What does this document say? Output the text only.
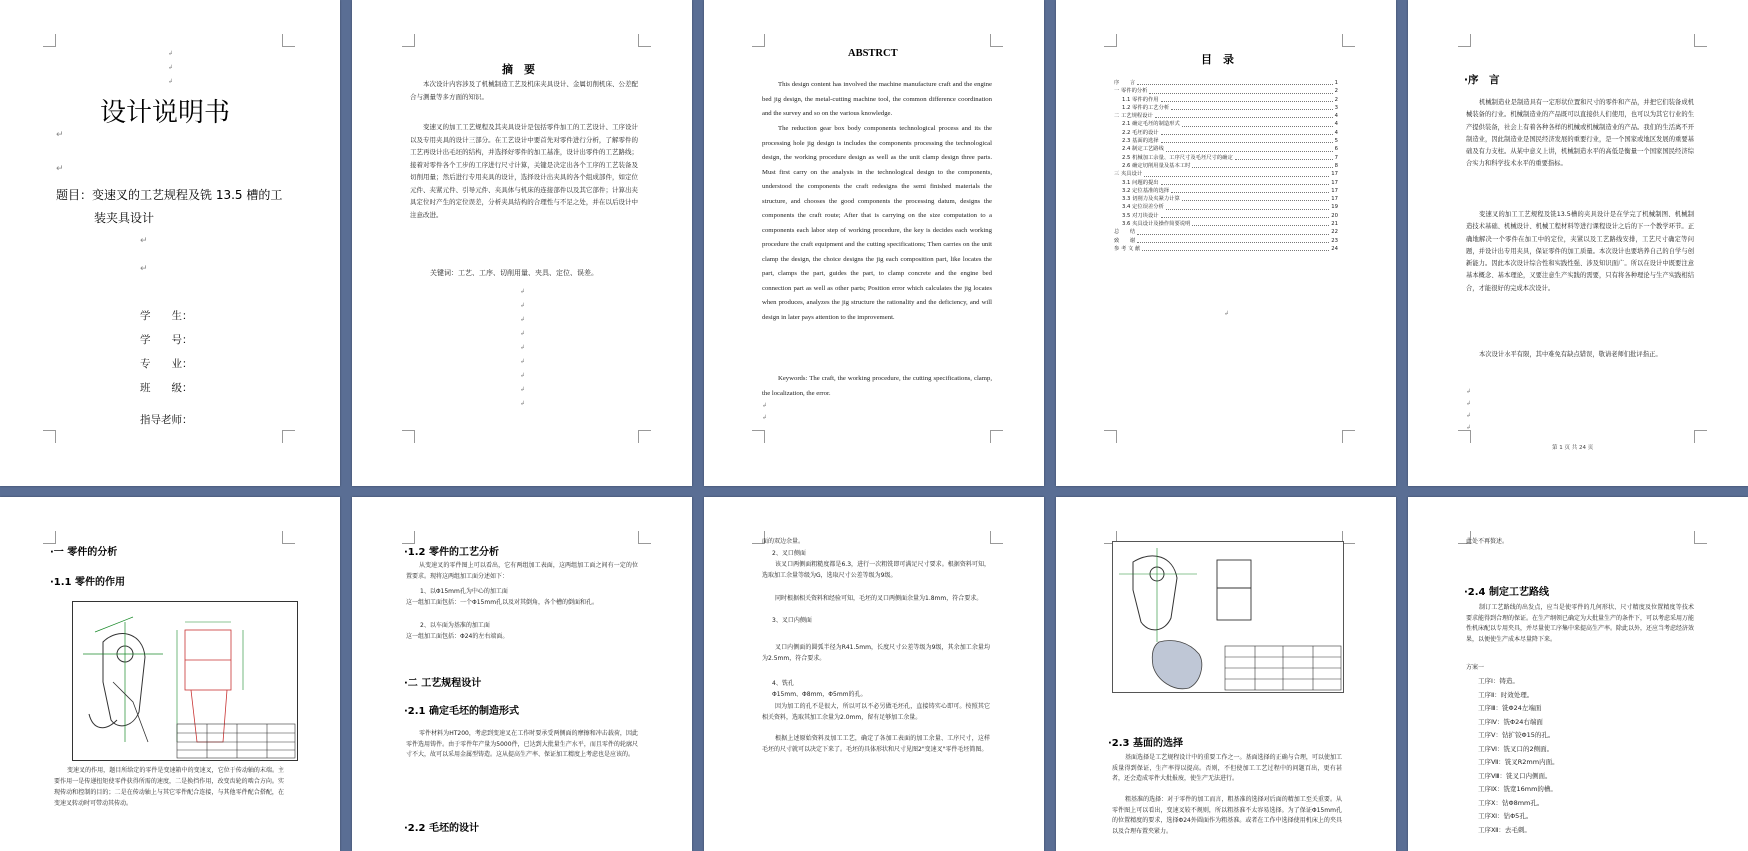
↲
↲
↲
设计说明书
↵
↵
题目：变速叉的工艺规程及铣 13.5 槽的工
装夹具设计
↵
↵
学　　生：
学　　号：
专　　业：
班　　级：
指导老师：
摘　要
本次设计内容涉及了机械制造工艺及机床夹具设计、金属切削机床、公差配合与测量等多方面的知识。
变速叉的加工工艺规程及其夹具设计是包括零件加工的工艺设计、工序设计以及专用夹具的设计三部分。在工艺设计中要首先对零件进行分析，了解零件的工艺再设计出毛坯的结构，并选择好零件的加工基准，设计出零件的工艺路线；接着对零件各个工步的工序进行尺寸计算，关键是决定出各个工序的工艺装备及切削用量；然后进行专用夹具的设计，选择设计出夹具的各个组成部件，如定位元件、夹紧元件、引导元件、夹具体与机床的连接部件以及其它部件；计算出夹具定位时产生的定位误差，分析夹具结构的合理性与不足之处，并在以后设计中注意改进。
关键词：工艺、工序、切削用量、夹具、定位、误差。
↲
↲
↲
↲
↲
↲
↲
↲
↲
ABSTRCT
This design content has involved the machine manufacture craft and the engine bed jig design, the metal-cutting machine tool, the common difference coordination and the survey and so on the various knowledge.
The reduction gear box body components technological process and its the processing hole jig design is includes the components processing the technological design, the working procedure design as well as the unit clamp design three parts. Must first carry on the analysis in the technological design to the components, understood the components the craft redesigns the semi finished materials the structure, and chooses the good components the processing datum, designs the components the craft route; After that is carrying on the size computation to a components each labor step of working procedure, the key is decides each working procedure the craft equipment and the cutting specifications; Then carries on the unit clamp the design, the choice designs the jig each composition part, like locates the part, clamps the part, guides the part, to clamp concrete and the engine bed connection part as well as other parts; Position error which calculates the jig locates when produces, analyzes the jig structure the rationality and the deficiency, and will design in later pays attention to the improvement.
Keywords: The craft, the working procedure, the cutting specifications, clamp, the localization, the error.
↲
↲
目　录
序　　言	1
一 零件的分析	2
1.1 零件的作用	2
1.2 零件的工艺分析	3
二 工艺规程设计	4
2.1 确定毛坯的制造形式	4
2.2 毛坯的设计	4
2.3 基面的选择	5
2.4 制定工艺路线	6
2.5 机械加工余量、工序尺寸及毛坯尺寸的确定	7
2.6 确定切削用量及基本工时	8
三 夹具设计	17
3.1 问题的提出	17
3.2 定位基准的选择	17
3.3 切削力及夹紧力计算	17
3.4 定位误差分析	19
3.5 对刀块设计	20
3.6 夹具设计及操作简要说明	21
总　　结	22
致　　谢	23
参 考 文 献	24
↲
·序　言
机械制造业是制造具有一定形状位置和尺寸的零件和产品，并把它们装备成机械装备的行业。机械制造业的产品既可以直接供人们使用，也可以为其它行业的生产提供装备，社会上有着各种各样的机械或机械制造业的产品。我们的生活离不开制造业，因此制造业是国民经济发展的重要行业，是一个国家或地区发展的重要基础及有力支柱。从某中意义上讲，机械制造水平的高低是衡量一个国家国民经济综合实力和科学技术水平的重要指标。
变速叉的加工工艺规程及铣13.5槽的夹具设计是在学完了机械制图、机械制造技术基础、机械设计、机械工程材料等进行课程设计之后的下一个教学环节。正确地解决一个零件在加工中的定位，夹紧以及工艺路线安排，工艺尺寸确定等问题，并设计出专用夹具，保证零件的加工质量。本次设计也要培养自己的自学与创新能力。因此本次设计综合性和实践性强、涉及知识面广。所以在设计中既要注意基本概念、基本理论，又要注意生产实践的需要，只有将各种理论与生产实践相结合，才能很好的完成本次设计。
本次设计水平有限，其中难免有缺点错误，敬请老师们批评指正。
↲
↲
↲
↲
第 1 页 共 24 页
·一 零件的分析
·1.1 零件的作用
变速叉的作用，题目所给定的零件是变速箱中的变速叉，它位于传动轴的末端。主要作用一是传递扭矩使零件获得所需的速度，二是换挡作用，改变齿轮的啮合方向。实现传动和控制的目的；二是在传动轴上与其它零件配合连接，与其他零件配合搭配，在变速叉转动时可带动其传动。
·1.2 零件的工艺分析
从变速叉的零件图上可以看出，它有两组加工表面，这两组加工面之间有一定的位置要求。现将这两组加工面分述如下：
1、以Φ15mm孔为中心的加工面
这一组加工面包括：一个Φ15mm孔以及对其倒角，各个槽的倒面和孔。
2、以车面为基准的加工面
这一组加工面包括：Φ24的左右端面。
·二 工艺规程设计
·2.1 确定毛坯的制造形式
零件材料为HT200，考虑到变速叉在工作时要承受两侧面的摩擦和冲击载荷，因此零件选用铸件。由于零件年产量为5000件，已达到大批量生产水平，而且零件的轮廓尺寸不大，故可以采用金属型铸造。这从提高生产率、保证加工精度上考虑也是应该的。
·2.2 毛坯的设计
面的双边余量。
2、叉口侧面
该叉口两侧面粗糙度都是6.3，进行一次粗铣即可满足尺寸要求。根据资料可知，选取加工余量等级为G，选取尺寸公差等级为9级。
同时根据相关资料和经验可知，毛坯的叉口两侧面余量为1.8mm，符合要求。
3、叉口内侧面
叉口内侧面的圆弧半径为R41.5mm，长度尺寸公差等级为9级，其余加工余量均为2.5mm，符合要求。
4、铣孔
Φ15mm、Φ8mm，Φ5mm的孔。
因为加工的孔不是很大，所以可以不必另做毛坯孔，直接铸实心即可。按照其它相关资料，选取其加工余量为2.0mm，留有足够加工余量。
根据上述原始资料及加工工艺，确定了各加工表面的加工余量、工序尺寸，这样毛坯的尺寸就可以决定下来了。毛坯的具体形状和尺寸见图2"变速叉"零件毛坯简图。	·2.3 基面的选择
基面选择是工艺规程设计中的重要工作之一。基面选择的正确与合理，可以使加工质量得到保证，生产率得以提高。否则，不但使加工工艺过程中的问题百出，更有甚者，还会造成零件大批报废，使生产无法进行。
粗基准的选择：对于零件的加工而言，粗基准的选择对后面的精加工至关重要。从零件图上可以看出，变速叉较不规则，所以粗基准不太容易选择。为了保证Φ15mm孔的位置精度的要求，选择Φ24外圆面作为粗基准。或者在工作中选择使用机床上的夹具以及合理布置夹紧力。
此处不再赘述。
·2.4 制定工艺路线
制订工艺路线的出发点，应当是使零件的几何形状、尺寸精度及位置精度等技术要求能得到合理的保证。在生产纲领已确定为大批量生产的条件下，可以考虑采用万能性机床配以专用夹具，并尽量使工序集中来提高生产率。除此以外，还应当考虑经济效果，以便使生产成本尽量降下来。
方案一
工序Ⅰ：铸造。
工序Ⅱ：时效处理。
工序Ⅲ：铣Φ24左端面
工序Ⅳ：铣Φ24右端面
工序Ⅴ：钻扩铰Φ15的孔。
工序Ⅵ：铣叉口的2侧面。
工序Ⅶ：铣叉R2mm内面。
工序Ⅷ：铣叉口内侧面。
工序Ⅸ：铣宽16mm的槽。
工序Ⅹ：钻Φ8mm孔。
工序Ⅺ：钻Φ5孔。
工序Ⅻ：去毛刺。
